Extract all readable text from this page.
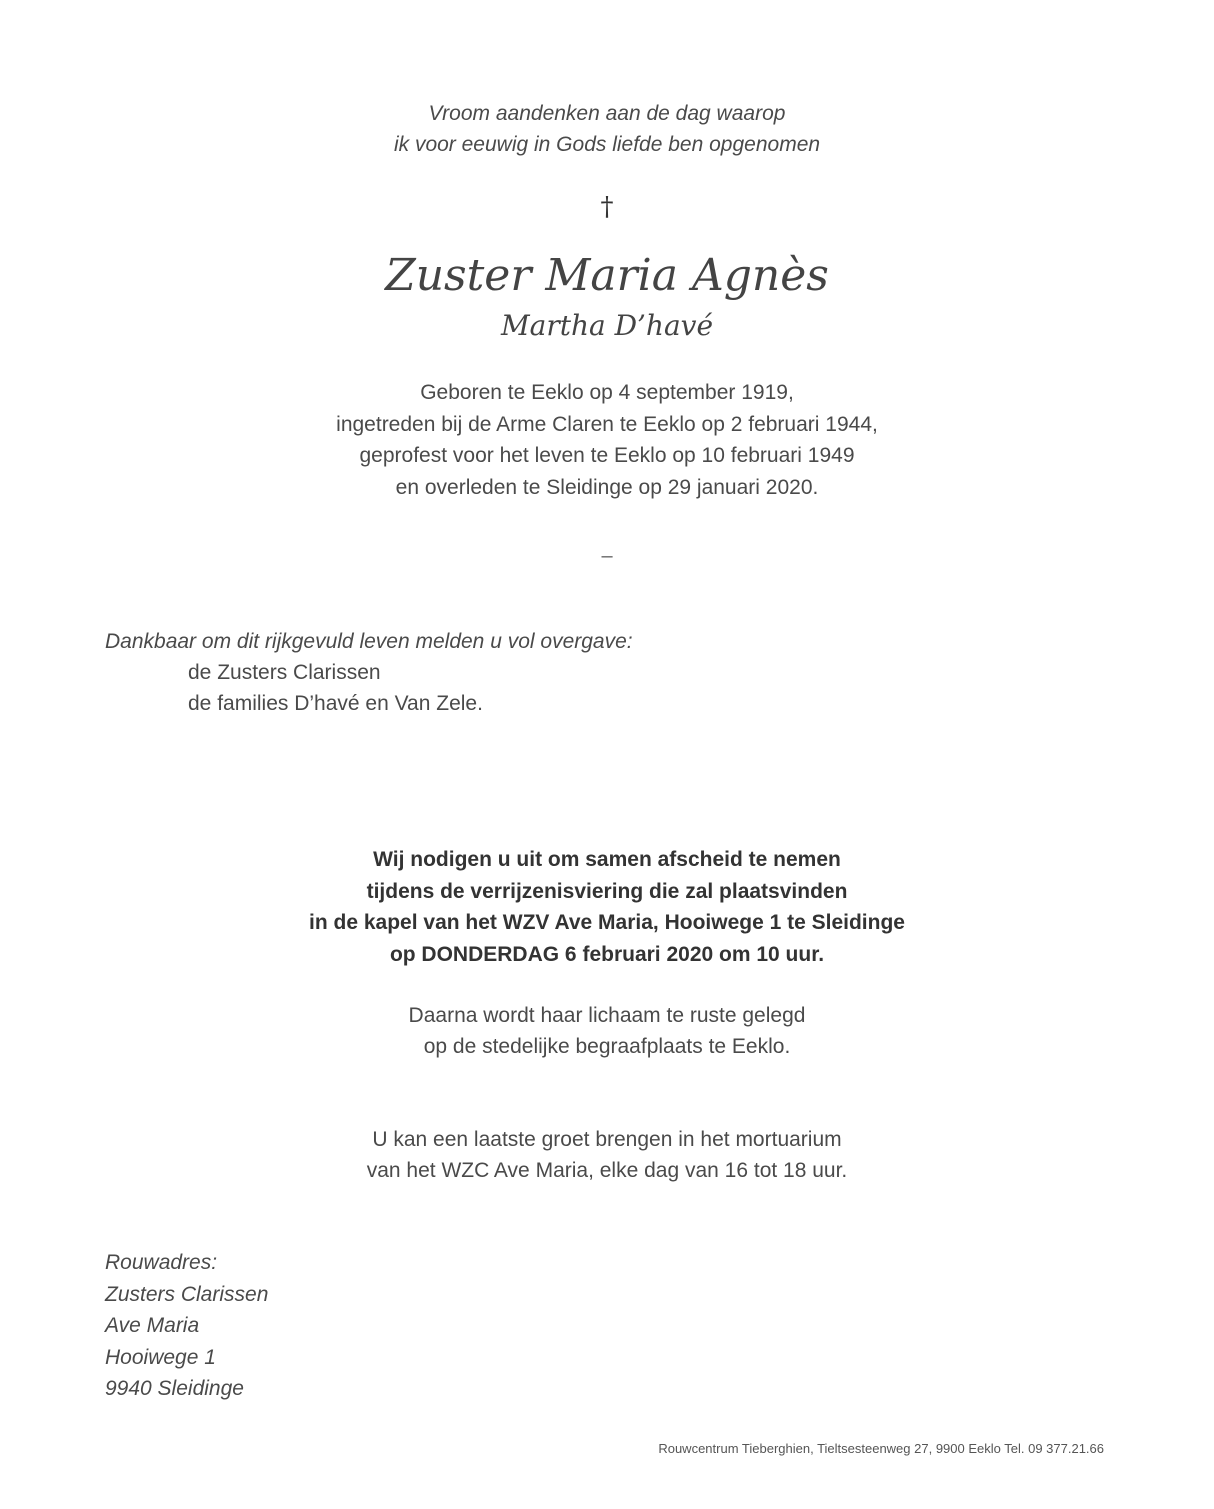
Vroom aandenken aan de dag waarop
ik voor eeuwig in Gods liefde ben opgenomen
†
Zuster Maria Agnès
Martha D’havé
Geboren te Eeklo op 4 september 1919,
ingetreden bij de Arme Claren te Eeklo op 2 februari 1944,
geprofest voor het leven te Eeklo op 10 februari 1949
en overleden te Sleidinge op 29 januari 2020.
–
Dankbaar om dit rijkgevuld leven melden u vol overgave:
de Zusters Clarissen
de families D’havé en Van Zele.
Wij nodigen u uit om samen afscheid te nemen
tijdens de verrijzenisviering die zal plaatsvinden
in de kapel van het WZV Ave Maria, Hooiwege 1 te Sleidinge
op DONDERDAG 6 februari 2020 om 10 uur.
Daarna wordt haar lichaam te ruste gelegd
op de stedelijke begraafplaats te Eeklo.
U kan een laatste groet brengen in het mortuarium
van het WZC Ave Maria, elke dag van 16 tot 18 uur.
Rouwadres:
Zusters Clarissen
Ave Maria
Hooiwege 1
9940 Sleidinge
Rouwcentrum Tieberghien, Tieltsesteenweg 27, 9900 Eeklo Tel. 09 377.21.66
